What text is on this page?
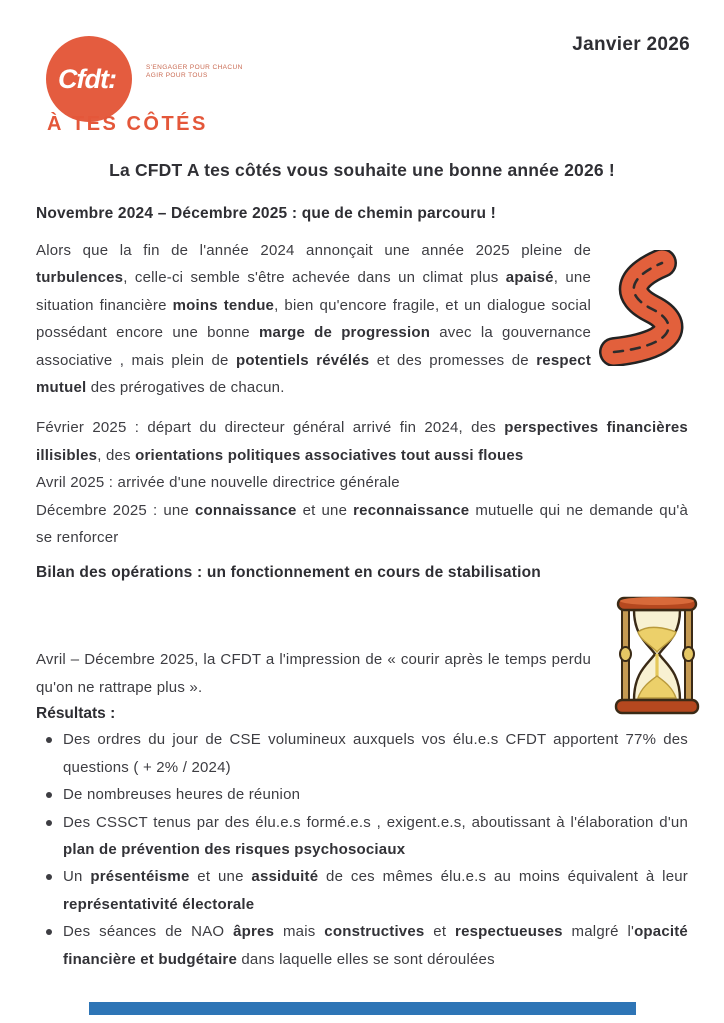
Cfdt:	S'ENGAGER POUR CHACUN
AGIR POUR TOUS
À TES CÔTÉS
Janvier 2026
La CFDT A tes côtés vous souhaite une bonne année 2026 !
Novembre 2024 – Décembre 2025 : que de chemin parcouru !

Alors que la fin de l'année 2024 annonçait une année 2025 pleine de turbulences, celle-ci semble s'être achevée dans un climat plus apaisé, une situation financière moins tendue, bien qu'encore fragile, et un dialogue social possédant encore une bonne marge de progression avec la gouvernance associative , mais plein de potentiels révélés et des promesses de respect mutuel des prérogatives de chacun.

Février 2025 : départ du directeur général arrivé fin 2024, des perspectives financières illisibles, des orientations politiques associatives tout aussi floues

Avril 2025 : arrivée d'une nouvelle directrice générale

Décembre 2025 : une connaissance et une reconnaissance mutuelle qui ne demande qu'à se renforcer

Bilan des opérations : un fonctionnement en cours de stabilisation

Avril – Décembre 2025, la CFDT a l'impression de « courir après le temps perdu qu'on ne rattrape plus ».

Résultats :
Des ordres du jour de CSE volumineux auxquels vos élu.e.s CFDT apportent 77% des questions ( + 2% / 2024)
De nombreuses heures de réunion
Des CSSCT tenus par des élu.e.s formé.e.s , exigent.e.s, aboutissant à l'élaboration d'un plan de prévention des risques psychosociaux
Un présentéisme et une assiduité de ces mêmes élu.e.s au moins équivalent à leur représentativité électorale
Des séances de NAO âpres mais constructives et respectueuses malgré l'opacité financière et budgétaire dans laquelle elles se sont déroulées
